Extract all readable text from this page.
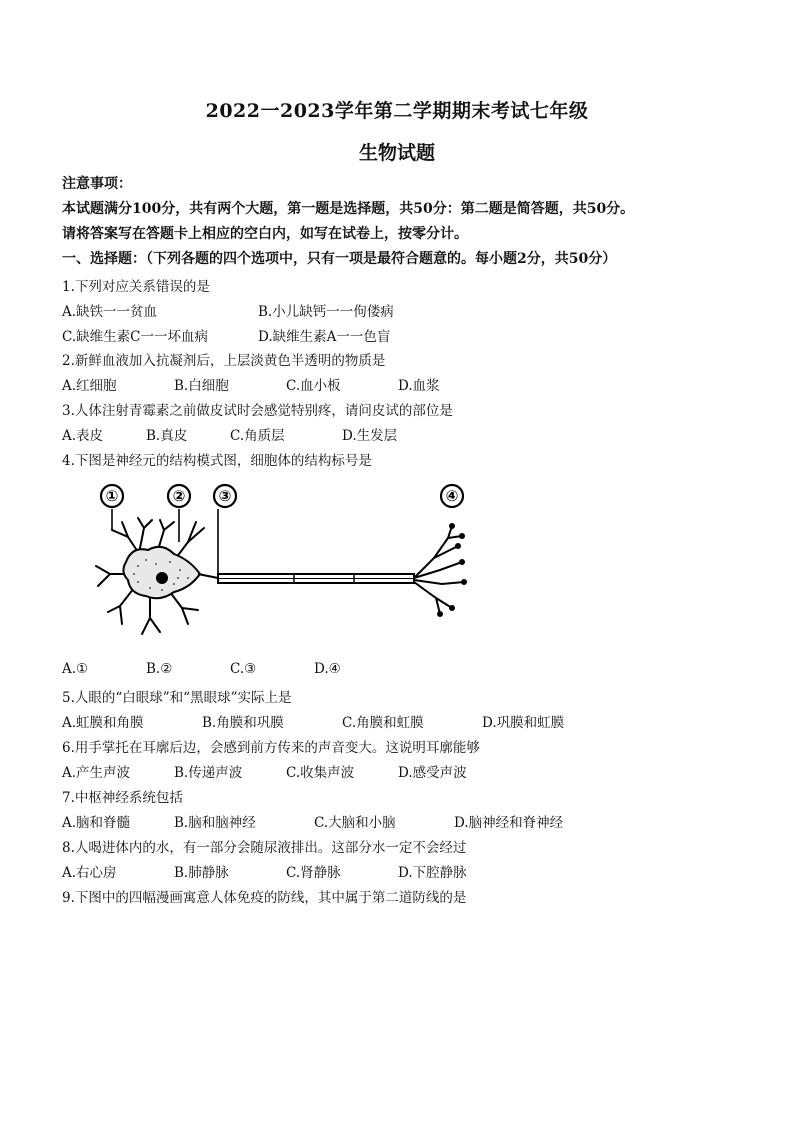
2022一2023学年第二学期期末考试七年级
生物试题
注意事项：
本试题满分100分，共有两个大题，第一题是选择题，共50分：第二题是简答题，共50分。
请将答案写在答题卡上相应的空白内，如写在试卷上，按零分计。
一、选择题：（下列各题的四个选项中，只有一项是最符合题意的。每小题2分，共50分）
1.下列对应关系错误的是
A.缺铁一一贫血	B.小儿缺钙一一佝偻病
C.缺维生素C一一坏血病	D.缺维生素A一一色盲
2.新鲜血液加入抗凝剂后，上层淡黄色半透明的物质是
A.红细胞	B.白细胞	C.血小板	D.血浆
3.人体注射青霉素之前做皮试时会感觉特别疼，请问皮试的部位是
A.表皮	B.真皮	C.角质层	D.生发层
4.下图是神经元的结构模式图，细胞体的结构标号是
①	② ③	④
A.①	B.②	C.③	D.④
5.人眼的“白眼球”和“黑眼球”实际上是
A.虹膜和角膜	B.角膜和巩膜	C.角膜和虹膜	D.巩膜和虹膜
6.用手掌托在耳廓后边，会感到前方传来的声音变大。这说明耳廓能够
A.产生声波	B.传递声波	C.收集声波	D.感受声波
7.中枢神经系统包括
A.脑和脊髓	B.脑和脑神经	C.大脑和小脑	D.脑神经和脊神经
8.人喝进体内的水，有一部分会随尿液排出。这部分水一定不会经过
A.右心房	B.肺静脉	C.肾静脉	D.下腔静脉
9.下图中的四幅漫画寓意人体免疫的防线，其中属于第二道防线的是
